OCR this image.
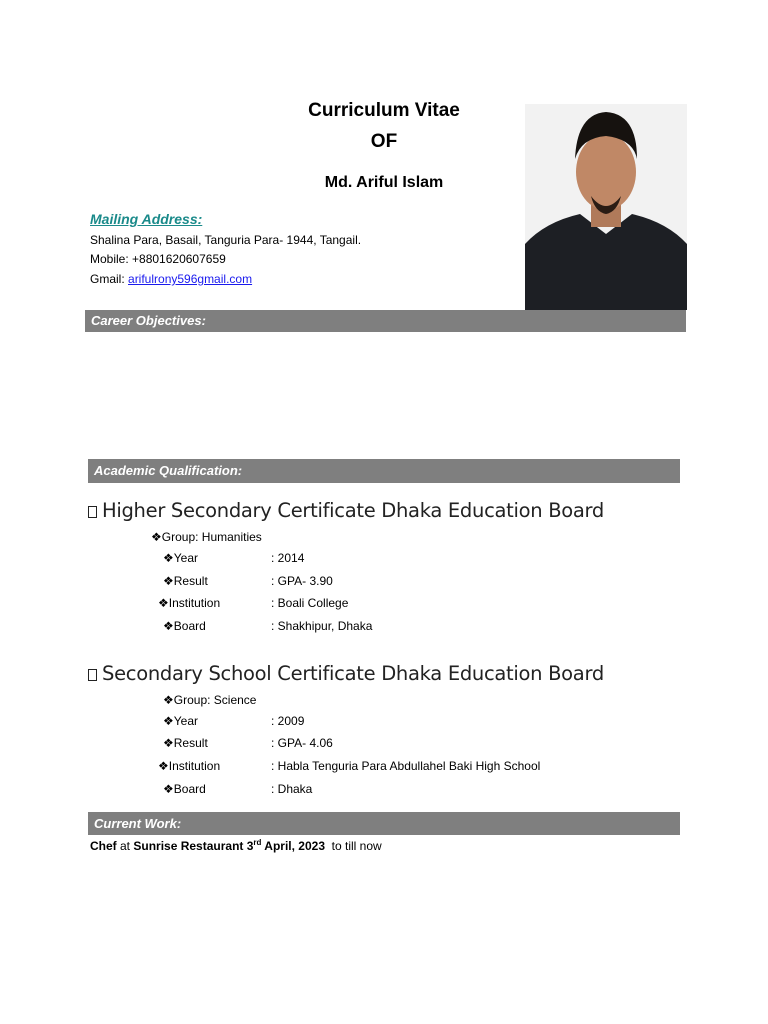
Curriculum Vitae
OF
Md. Ariful Islam
Mailing Address:
Shalina Para, Basail, Tanguria Para- 1944, Tangail.
Mobile: +8801620607659
Gmail: arifulrony596gmail.com
Career Objectives:
Academic Qualification:
Higher Secondary Certificate Dhaka Education Board
❖Group: Humanities
❖Year	: 2014
❖Result	: GPA- 3.90
❖Institution	: Boali College
❖Board	: Shakhipur, Dhaka
Secondary School Certificate Dhaka Education Board
❖Group: Science
❖Year	: 2009
❖Result	: GPA- 4.06
❖Institution	: Habla Tenguria Para Abdullahel Baki High School
❖Board	: Dhaka
Current Work:
Chef at Sunrise Restaurant 3rd April, 2023  to till now
